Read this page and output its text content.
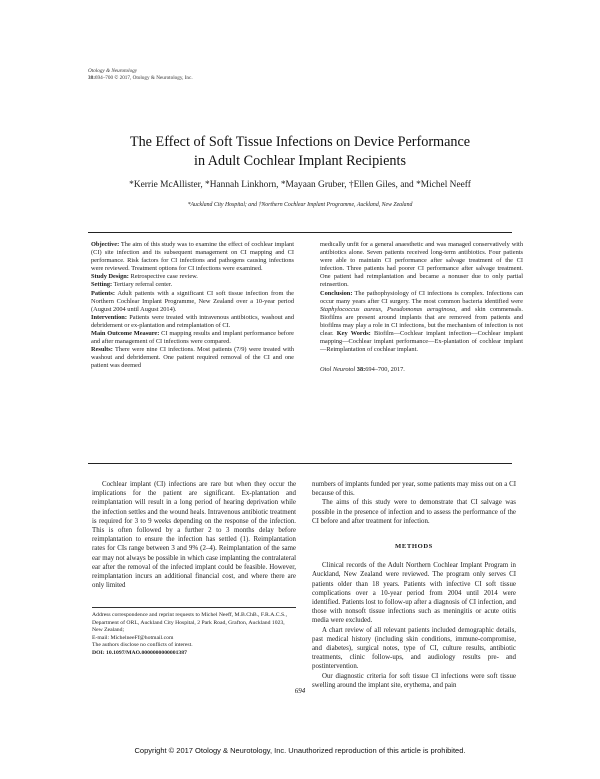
Otology & Neurotology
38:694–700 © 2017, Otology & Neurotology, Inc.
The Effect of Soft Tissue Infections on Device Performance
in Adult Cochlear Implant Recipients
*Kerrie McAllister, *Hannah Linkhorn, *Mayaan Gruber, †Ellen Giles, and *Michel Neeff
*Auckland City Hospital; and †Northern Cochlear Implant Programme, Auckland, New Zealand

Objective: The aim of this study was to examine the effect of cochlear implant (CI) site infection and its subsequent management on CI mapping and CI performance. Risk factors for CI infections and pathogens causing infections were reviewed. Treatment options for CI infections were examined.

Study Design: Retrospective case review.

Setting: Tertiary referral center.

Patients: Adult patients with a significant CI soft tissue infection from the Northern Cochlear Implant Programme, New Zealand over a 10-year period (August 2004 until August 2014).

Intervention: Patients were treated with intravenous antibiotics, washout and debridement or ex-plantation and reimplantation of CI.

Main Outcome Measure: CI mapping results and implant performance before and after management of CI infections were compared.

Results: There were nine CI infections. Most patients (7/9) were treated with washout and debridement. One patient required removal of the CI and one patient was deemed

medically unfit for a general anaesthetic and was managed conservatively with antibiotics alone. Seven patients received long-term antibiotics. Four patients were able to maintain CI performance after salvage treatment of the CI infection. Three patients had poorer CI performance after salvage treatment. One patient had reimplantation and became a nonuser due to only partial reinsertion.

Conclusion: The pathophysiology of CI infections is complex. Infections can occur many years after CI surgery. The most common bacteria identified were Staphylococcus aureus, Pseudomonas aeruginosa, and skin commensals. Biofilms are present around implants that are removed from patients and biofilms may play a role in CI infections, but the mechanism of infection is not clear. Key Words: Biofilm—Cochlear implant infection—Cochlear implant mapping—Cochlear implant performance—Ex-plantation of cochlear implant—Reimplantation of cochlear implant.

Otol Neurotol 38:694–700, 2017.

Cochlear implant (CI) infections are rare but when they occur the implications for the patient are significant. Ex-plantation and reimplantation will result in a long period of hearing deprivation while the infection settles and the wound heals. Intravenous antibiotic treatment is required for 3 to 9 weeks depending on the response of the infection. This is often followed by a further 2 to 3 months delay before reimplantation to ensure the infection has settled (1). Reimplantation rates for CIs range between 3 and 9% (2–4). Reimplantation of the same ear may not always be possible in which case implanting the contralateral ear after the removal of the infected implant could be feasible. However, reimplantation incurs an additional financial cost, and where there are only limited

numbers of implants funded per year, some patients may miss out on a CI because of this.

The aims of this study were to demonstrate that CI salvage was possible in the presence of infection and to assess the performance of the CI before and after treatment for infection.

METHODS

Clinical records of the Adult Northern Cochlear Implant Program in Auckland, New Zealand were reviewed. The program only serves CI patients older than 18 years. Patients with infective CI soft tissue complications over a 10-year period from 2004 until 2014 were identified. Patients lost to follow-up after a diagnosis of CI infection, and those with nonsoft tissue infections such as meningitis or acute otitis media were excluded.

A chart review of all relevant patients included demographic details, past medical history (including skin conditions, immune-compromise, and diabetes), surgical notes, type of CI, culture results, antibiotic treatments, clinic follow-ups, and audiology results pre- and postintervention.

Our diagnostic criteria for soft tissue CI infections were soft tissue swelling around the implant site, erythema, and pain

Address correspondence and reprint requests to Michel Neeff, M.B.ChB., F.R.A.C.S., Department of ORL, Auckland City Hospital, 2 Park Road, Grafton, Auckland 1023, New Zealand;

E-mail: MichelneeFf@hotmail.com

The authors disclose no conflicts of interest.

DOI: 10.1097/MAO.0000000000001387

694
Copyright © 2017 Otology & Neurotology, Inc. Unauthorized reproduction of this article is prohibited.
